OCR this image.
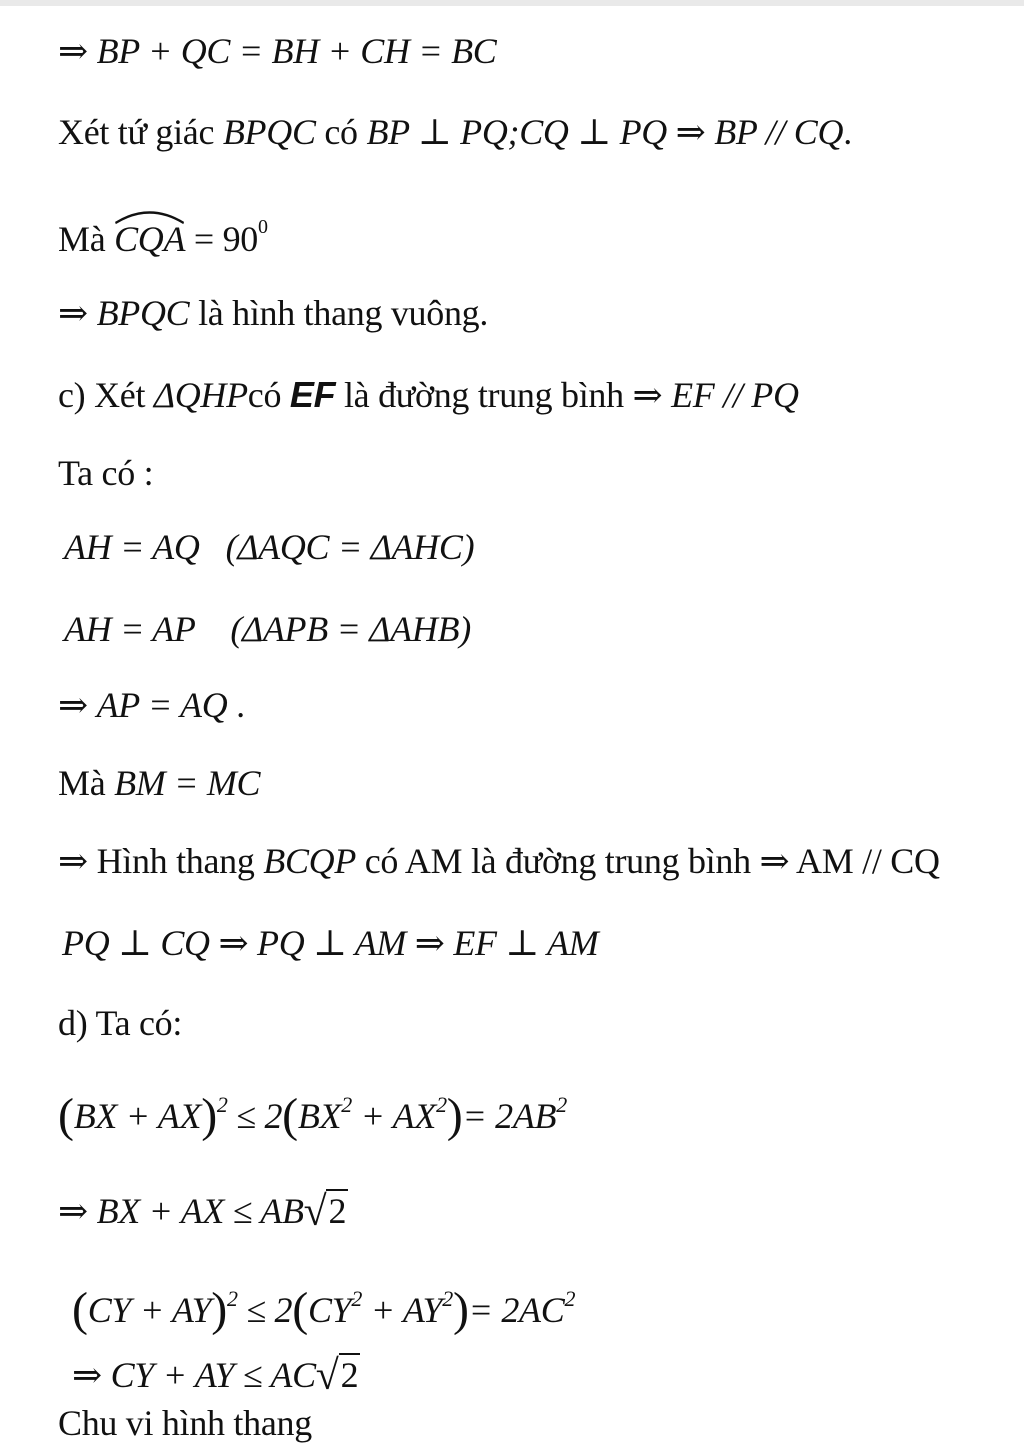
⇒ BP + QC = BH + CH = BC
Xét tứ giác BPQC có BP ⊥ PQ;CQ ⊥ PQ ⇒ BP // CQ.
Mà CQA = $90^0$
⇒ BPQC là hình thang vuông.
c) Xét ΔQHPcó EF là đường trung bình ⇒ EF // PQ
Ta có :
AH = AQ (ΔAQC = ΔAHC)
AH = AP (ΔAPB = ΔAHB)
⇒ AP = AQ .
Mà BM = MC
⇒ Hình thang BCQP có AM là đường trung bình ⇒ AM // CQ
PQ ⊥ CQ ⇒ PQ ⊥ AM ⇒ EF ⊥ AM
d) Ta có:
$(BX + AX)^2 \le 2(BX^2 + AX^2)= 2AB^2$
⇒ BX + AX ≤ AB√2
$(CY + AY)^2 \le 2(CY^2 + AY^2)= 2AC^2$
⇒ CY + AY ≤ AC√2
Chu vi hình thang
